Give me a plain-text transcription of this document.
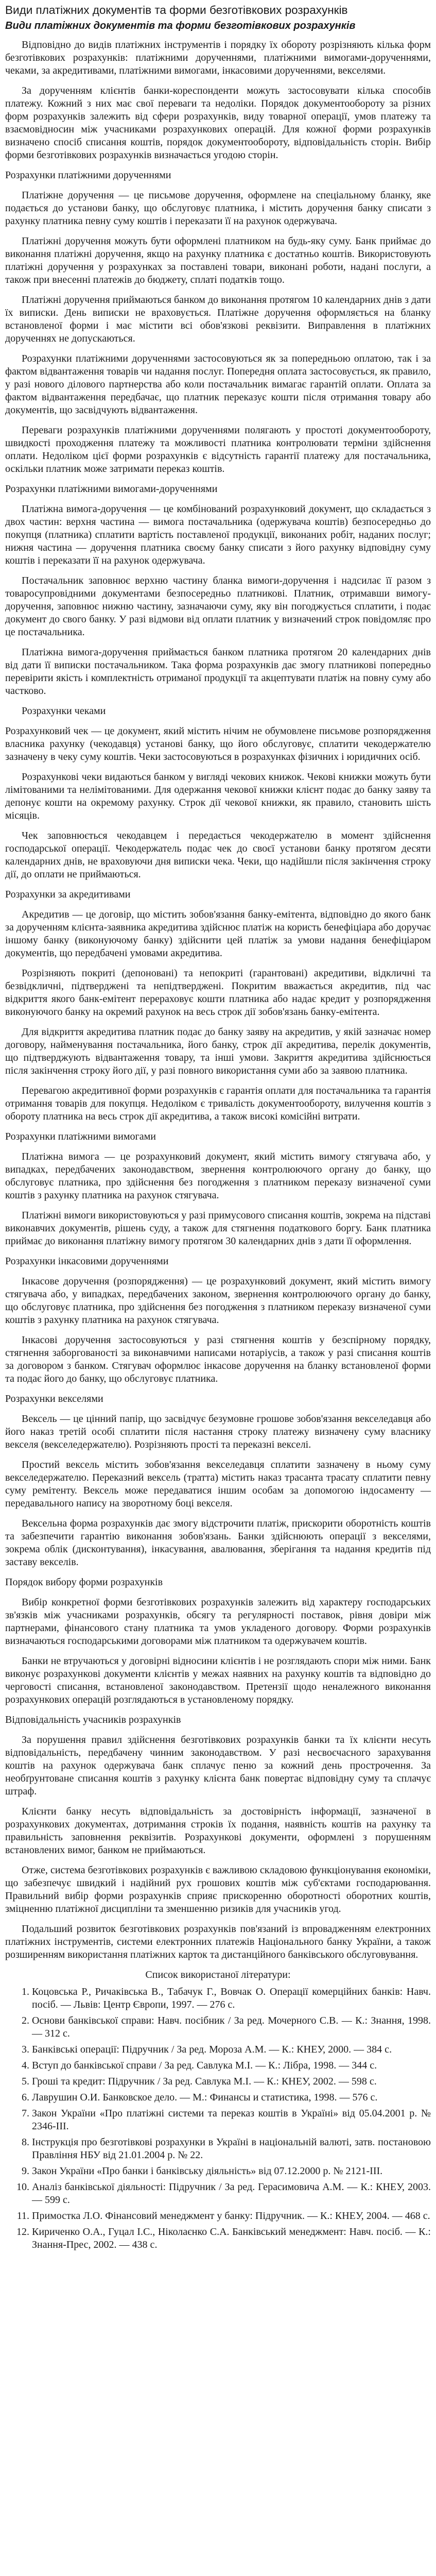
Види платіжних документів та форми безготівкових розрахунків
Види платіжних документів та форми безготівкових розрахунків

Відповідно до видів платіжних інструментів і порядку їх обороту розрізняють кілька форм безготівкових розрахунків: платіжними дорученнями, платіжними вимогами-дорученнями, чеками, за акредитивами, платіжними вимогами, інкасовими дорученнями, векселями.

За дорученням клієнтів банки-кореспонденти можуть застосовувати кілька способів платежу. Кожний з них має свої переваги та недоліки. Порядок документообороту за різних форм розрахунків залежить від сфери розрахунків, виду товарної операції, умов платежу та взаємовідносин між учасниками розрахункових операцій. Для кожної форми розрахунків визначено спосіб списання коштів, порядок документообороту, відповідальність сторін. Вибір форми безготівкових розрахунків визначається угодою сторін.

Розрахунки платіжними дорученнями

Платіжне доручення — це письмове доручення, оформлене на спеціальному бланку, яке подається до установи банку, що обслуговує платника, і містить доручення банку списати з рахунку платника певну суму коштів і переказати її на рахунок одержувача.

Платіжні доручення можуть бути оформлені платником на будь-яку суму. Банк приймає до виконання платіжні доручення, якщо на рахунку платника є достатньо коштів. Використовують платіжні доручення у розрахунках за поставлені товари, виконані роботи, надані послуги, а також при внесенні платежів до бюджету, сплаті податків тощо.

Платіжні доручення приймаються банком до виконання протягом 10 календарних днів з дати їх виписки. День виписки не враховується. Платіжне доручення оформляється на бланку встановленої форми і має містити всі обов'язкові реквізити. Виправлення в платіжних дорученнях не допускаються.

Розрахунки платіжними дорученнями застосовуються як за попередньою оплатою, так і за фактом відвантаження товарів чи надання послуг. Попередня оплата застосовується, як правило, у разі нового ділового партнерства або коли постачальник вимагає гарантій оплати. Оплата за фактом відвантаження передбачає, що платник переказує кошти після отримання товару або документів, що засвідчують відвантаження.

Переваги розрахунків платіжними дорученнями полягають у простоті документообороту, швидкості проходження платежу та можливості платника контролювати терміни здійснення оплати. Недоліком цієї форми розрахунків є відсутність гарантії платежу для постачальника, оскільки платник може затримати переказ коштів.

Розрахунки платіжними вимогами-дорученнями

Платіжна вимога-доручення — це комбінований розрахунковий документ, що складається з двох частин: верхня частина — вимога постачальника (одержувача коштів) безпосередньо до покупця (платника) сплатити вартість поставленої продукції, виконаних робіт, наданих послуг; нижня частина — доручення платника своєму банку списати з його рахунку відповідну суму коштів і переказати її на рахунок одержувача.

Постачальник заповнює верхню частину бланка вимоги-доручення і надсилає її разом з товаросупровідними документами безпосередньо платникові. Платник, отримавши вимогу-доручення, заповнює нижню частину, зазначаючи суму, яку він погоджується сплатити, і подає документ до свого банку. У разі відмови від оплати платник у визначений строк повідомляє про це постачальника.

Платіжна вимога-доручення приймається банком платника протягом 20 календарних днів від дати її виписки постачальником. Така форма розрахунків дає змогу платникові попередньо перевірити якість і комплектність отриманої продукції та акцептувати платіж на повну суму або частково.

Розрахунки чеками

Розрахунковий чек — це документ, який містить нічим не обумовлене письмове розпорядження власника рахунку (чекодавця) установі банку, що його обслуговує, сплатити чекодержателю зазначену в чеку суму коштів. Чеки застосовуються в розрахунках фізичних і юридичних осіб.

Розрахункові чеки видаються банком у вигляді чекових книжок. Чекові книжки можуть бути лімітованими та нелімітованими. Для одержання чекової книжки клієнт подає до банку заяву та депонує кошти на окремому рахунку. Строк дії чекової книжки, як правило, становить шість місяців.

Чек заповнюється чекодавцем і передається чекодержателю в момент здійснення господарської операції. Чекодержатель подає чек до своєї установи банку протягом десяти календарних днів, не враховуючи дня виписки чека. Чеки, що надійшли після закінчення строку дії, до оплати не приймаються.

Розрахунки за акредитивами

Акредитив — це договір, що містить зобов'язання банку-емітента, відповідно до якого банк за дорученням клієнта-заявника акредитива здійснює платіж на користь бенефіціара або доручає іншому банку (виконуючому банку) здійснити цей платіж за умови надання бенефіціаром документів, що передбачені умовами акредитива.

Розрізняють покриті (депоновані) та непокриті (гарантовані) акредитиви, відкличні та безвідкличні, підтверджені та непідтверджені. Покритим вважається акредитив, під час відкриття якого банк-емітент перераховує кошти платника або надає кредит у розпорядження виконуючого банку на окремий рахунок на весь строк дії зобов'язань банку-емітента.

Для відкриття акредитива платник подає до банку заяву на акредитив, у якій зазначає номер договору, найменування постачальника, його банку, строк дії акредитива, перелік документів, що підтверджують відвантаження товару, та інші умови. Закриття акредитива здійснюється після закінчення строку його дії, у разі повного використання суми або за заявою платника.

Перевагою акредитивної форми розрахунків є гарантія оплати для постачальника та гарантія отримання товарів для покупця. Недоліком є тривалість документообороту, вилучення коштів з обороту платника на весь строк дії акредитива, а також високі комісійні витрати.

Розрахунки платіжними вимогами

Платіжна вимога — це розрахунковий документ, який містить вимогу стягувача або, у випадках, передбачених законодавством, звернення контролюючого органу до банку, що обслуговує платника, про здійснення без погодження з платником переказу визначеної суми коштів з рахунку платника на рахунок стягувача.

Платіжні вимоги використовуються у разі примусового списання коштів, зокрема на підставі виконавчих документів, рішень суду, а також для стягнення податкового боргу. Банк платника приймає до виконання платіжну вимогу протягом 30 календарних днів з дати її оформлення.

Розрахунки інкасовими дорученнями

Інкасове доручення (розпорядження) — це розрахунковий документ, який містить вимогу стягувача або, у випадках, передбачених законом, звернення контролюючого органу до банку, що обслуговує платника, про здійснення без погодження з платником переказу визначеної суми коштів з рахунку платника на рахунок стягувача.

Інкасові доручення застосовуються у разі стягнення коштів у безспірному порядку, стягнення заборгованості за виконавчими написами нотаріусів, а також у разі списання коштів за договором з банком. Стягувач оформлює інкасове доручення на бланку встановленої форми та подає його до банку, що обслуговує платника.

Розрахунки векселями

Вексель — це цінний папір, що засвідчує безумовне грошове зобов'язання векселедавця або його наказ третій особі сплатити після настання строку платежу визначену суму власнику векселя (векселедержателю). Розрізняють прості та переказні векселі.

Простий вексель містить зобов'язання векселедавця сплатити зазначену в ньому суму векселедержателю. Переказний вексель (тратта) містить наказ трасанта трасату сплатити певну суму ремітенту. Вексель може передаватися іншим особам за допомогою індосаменту — передавального напису на зворотному боці векселя.

Вексельна форма розрахунків дає змогу відстрочити платіж, прискорити оборотність коштів та забезпечити гарантію виконання зобов'язань. Банки здійснюють операції з векселями, зокрема облік (дисконтування), інкасування, авалювання, зберігання та надання кредитів під заставу векселів.

Порядок вибору форми розрахунків

Вибір конкретної форми безготівкових розрахунків залежить від характеру господарських зв'язків між учасниками розрахунків, обсягу та регулярності поставок, рівня довіри між партнерами, фінансового стану платника та умов укладеного договору. Форми розрахунків визначаються господарськими договорами між платником та одержувачем коштів.

Банки не втручаються у договірні відносини клієнтів і не розглядають спори між ними. Банк виконує розрахункові документи клієнтів у межах наявних на рахунку коштів та відповідно до черговості списання, встановленої законодавством. Претензії щодо неналежного виконання розрахункових операцій розглядаються в установленому порядку.

Відповідальність учасників розрахунків

За порушення правил здійснення безготівкових розрахунків банки та їх клієнти несуть відповідальність, передбачену чинним законодавством. У разі несвоєчасного зарахування коштів на рахунок одержувача банк сплачує пеню за кожний день прострочення. За необґрунтоване списання коштів з рахунку клієнта банк повертає відповідну суму та сплачує штраф.

Клієнти банку несуть відповідальність за достовірність інформації, зазначеної в розрахункових документах, дотримання строків їх подання, наявність коштів на рахунку та правильність заповнення реквізитів. Розрахункові документи, оформлені з порушенням встановлених вимог, банком не приймаються.

Отже, система безготівкових розрахунків є важливою складовою функціонування економіки, що забезпечує швидкий і надійний рух грошових коштів між суб'єктами господарювання. Правильний вибір форми розрахунків сприяє прискоренню оборотності оборотних коштів, зміцненню платіжної дисципліни та зменшенню ризиків для учасників угод.

Подальший розвиток безготівкових розрахунків пов'язаний із впровадженням електронних платіжних інструментів, системи електронних платежів Національного банку України, а також розширенням використання платіжних карток та дистанційного банківського обслуговування.

Список використаної літератури:
1. Коцовська Р., Ричаківська В., Табачук Г., Вовчак О. Операції комерційних банків: Навч. посіб. — Львів: Центр Європи, 1997. — 276 с.
2. Основи банківської справи: Навч. посібник / За ред. Мочерного С.В. — К.: Знання, 1998. — 312 с.
3. Банківські операції: Підручник / За ред. Мороза А.М. — К.: КНЕУ, 2000. — 384 с.
4. Вступ до банківської справи / За ред. Савлука М.І. — К.: Лібра, 1998. — 344 с.
5. Гроші та кредит: Підручник / За ред. Савлука М.І. — К.: КНЕУ, 2002. — 598 с.
6. Лаврушин О.И. Банковское дело. — М.: Финансы и статистика, 1998. — 576 с.
7. Закон України «Про платіжні системи та переказ коштів в Україні» від 05.04.2001 р. № 2346-III.
8. Інструкція про безготівкові розрахунки в Україні в національній валюті, затв. постановою Правління НБУ від 21.01.2004 р. № 22.
9. Закон України «Про банки і банківську діяльність» від 07.12.2000 р. № 2121-III.
10. Аналіз банківської діяльності: Підручник / За ред. Герасимовича А.М. — К.: КНЕУ, 2003. — 599 с.
11. Примостка Л.О. Фінансовий менеджмент у банку: Підручник. — К.: КНЕУ, 2004. — 468 с.
12. Кириченко О.А., Гуцал І.С., Ніколаєнко С.А. Банківський менеджмент: Навч. посіб. — К.: Знання-Прес, 2002. — 438 с.
